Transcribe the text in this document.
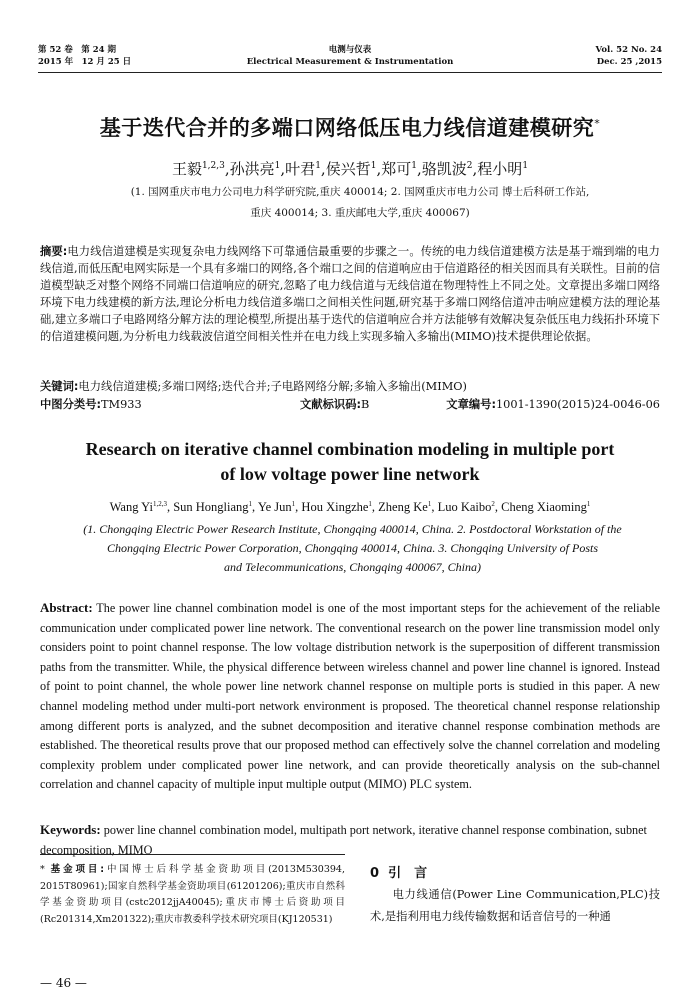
第 52 卷　第 24 期
2015 年　12 月 25 日
电测与仪表
Electrical Measurement & Instrumentation
Vol. 52 No. 24
Dec. 25 ,2015
基于迭代合并的多端口网络低压电力线信道建模研究*
王毅$^{1,2,3}$,孙洪亮$^1$,叶君$^1$,侯兴哲$^1$,郑可$^1$,骆凯波$^2$,程小明$^1$
(1. 国网重庆市电力公司电力科学研究院,重庆 400014; 2. 国网重庆市电力公司 博士后科研工作站,
重庆 400014; 3. 重庆邮电大学,重庆 400067)
摘要:电力线信道建模是实现复杂电力线网络下可靠通信最重要的步骤之一。传统的电力线信道建模方法是基于端到端的电力线信道,而低压配电网实际是一个具有多端口的网络,各个端口之间的信道响应由于信道路径的相关因而具有关联性。目前的信道模型缺乏对整个网络不同端口信道响应的研究,忽略了电力线信道与无线信道在物理特性上不同之处。文章提出多端口网络环境下电力线建模的新方法,理论分析电力线信道多端口之间相关性问题,研究基于多端口网络信道冲击响应建模方法的理论基础,建立多端口子电路网络分解方法的理论模型,所提出基于迭代的信道响应合并方法能够有效解决复杂低压电力线拓扑环境下的信道建模问题,为分析电力线载波信道空间相关性并在电力线上实现多输入多输出(MIMO)技术提供理论依据。
关键词:电力线信道建模;多端口网络;迭代合并;子电路网络分解;多输入多输出(MIMO)
中图分类号:TM933	文献标识码:B	文章编号:1001-1390(2015)24-0046-06
Research on iterative channel combination modeling in multiple port
of low voltage power line network
Wang Yi$^{1,2,3}$, Sun Hongliang$^1$, Ye Jun$^1$, Hou Xingzhe$^1$, Zheng Ke$^1$, Luo Kaibo$^2$, Cheng Xiaoming$^1$
(1. Chongqing Electric Power Research Institute, Chongqing 400014, China. 2. Postdoctoral Workstation of the
Chongqing Electric Power Corporation, Chongqing 400014, China. 3. Chongqing University of Posts
and Telecommunications, Chongqing 400067, China)
Abstract: The power line channel combination model is one of the most important steps for the achievement of the reliable communication under complicated power line network. The conventional research on the power line transmission model only considers point to point channel response. The low voltage distribution network is the superposition of different transmission paths from the transmitter. While, the physical difference between wireless channel and power line channel is ignored. Instead of point to point channel, the whole power line network channel response on multiple ports is studied in this paper. A new channel modeling method under multi-port network environment is proposed. The theoretical channel response relationship among different ports is analyzed, and the subnet decomposition and iterative channel response combination methods are established. The theoretical results prove that our proposed method can effectively solve the channel correlation and modeling complexity problem under complicated power line network, and can provide theoretically analysis on the sub-channel correlation and channel capacity of multiple input multiple output (MIMO) PLC system.
Keywords: power line channel combination model, multipath port network, iterative channel response combination, subnet decomposition, MIMO
* 基金项目:中国博士后科学基金资助项目(2013M530394, 2015T80961);国家自然科学基金资助项目(61201206);重庆市自然科学基金资助项目(cstc2012jjA40045);重庆市博士后资助项目(Rc201314,Xm201322);重庆市教委科学技术研究项目(KJ120531)
0 引　言
电力线通信(Power Line Communication,PLC)技术,是指利用电力线传输数据和话音信号的一种通
— 46 —
